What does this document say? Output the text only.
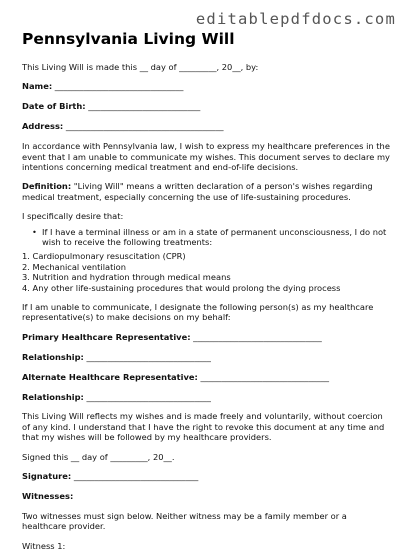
editablepdfdocs.com
Pennsylvania Living Will

This Living Will is made this __ day of _________, 20__, by:

Name: _______________________________
Date of Birth: ___________________________
Address: ______________________________________

In accordance with Pennsylvania law, I wish to express my healthcare preferences in the event that I am unable to communicate my wishes. This document serves to declare my intentions concerning medical treatment and end-of-life decisions.

Definition: "Living Will" means a written declaration of a person's wishes regarding medical treatment, especially concerning the use of life-sustaining procedures.

I specifically desire that:

• If I have a terminal illness or am in a state of permanent unconsciousness, I do not wish to receive the following treatments:
1. Cardiopulmonary resuscitation (CPR)
2. Mechanical ventilation
3. Nutrition and hydration through medical means
4. Any other life-sustaining procedures that would prolong the dying process

If I am unable to communicate, I designate the following person(s) as my healthcare representative(s) to make decisions on my behalf:

Primary Healthcare Representative: _______________________________
Relationship: ______________________________
Alternate Healthcare Representative: _______________________________
Relationship: ______________________________

This Living Will reflects my wishes and is made freely and voluntarily, without coercion of any kind. I understand that I have the right to revoke this document at any time and that my wishes will be followed by my healthcare providers.

Signed this __ day of _________, 20__.

Signature: ______________________________
Witnesses:

Two witnesses must sign below. Neither witness may be a family member or a healthcare provider.

Witness 1:
